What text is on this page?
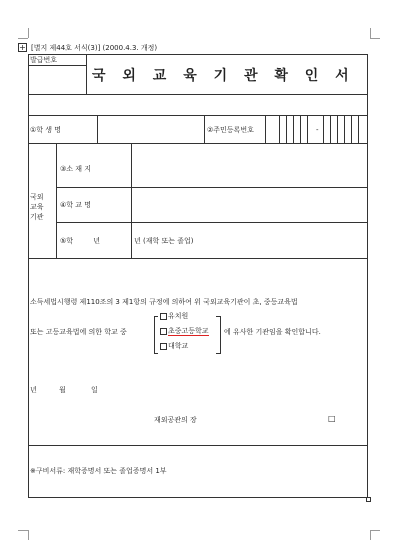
+ [별지 제44호 서식(3)] (2000.4.3. 개정)
발급번호
국 외 교 육 기 관 확 인 서
①학 생 명	②주민등록번호	-
국외
교육
기관
③소 재 지
④학 교 명
⑤학 년	년 (재학 또는 졸업)
소득세법시행령 제110조의 3 제1항의 규정에 의하여 위 국외교육기관이 초, 중등교육법
또는 고등교육법에 의한 학교 중
유치원
초중고등학교
대학교
에 유사한 기관임을 확인합니다.
년	월	일
재외공관의 장	□
※구비서류: 재학증명서 또는 졸업증명서 1부
